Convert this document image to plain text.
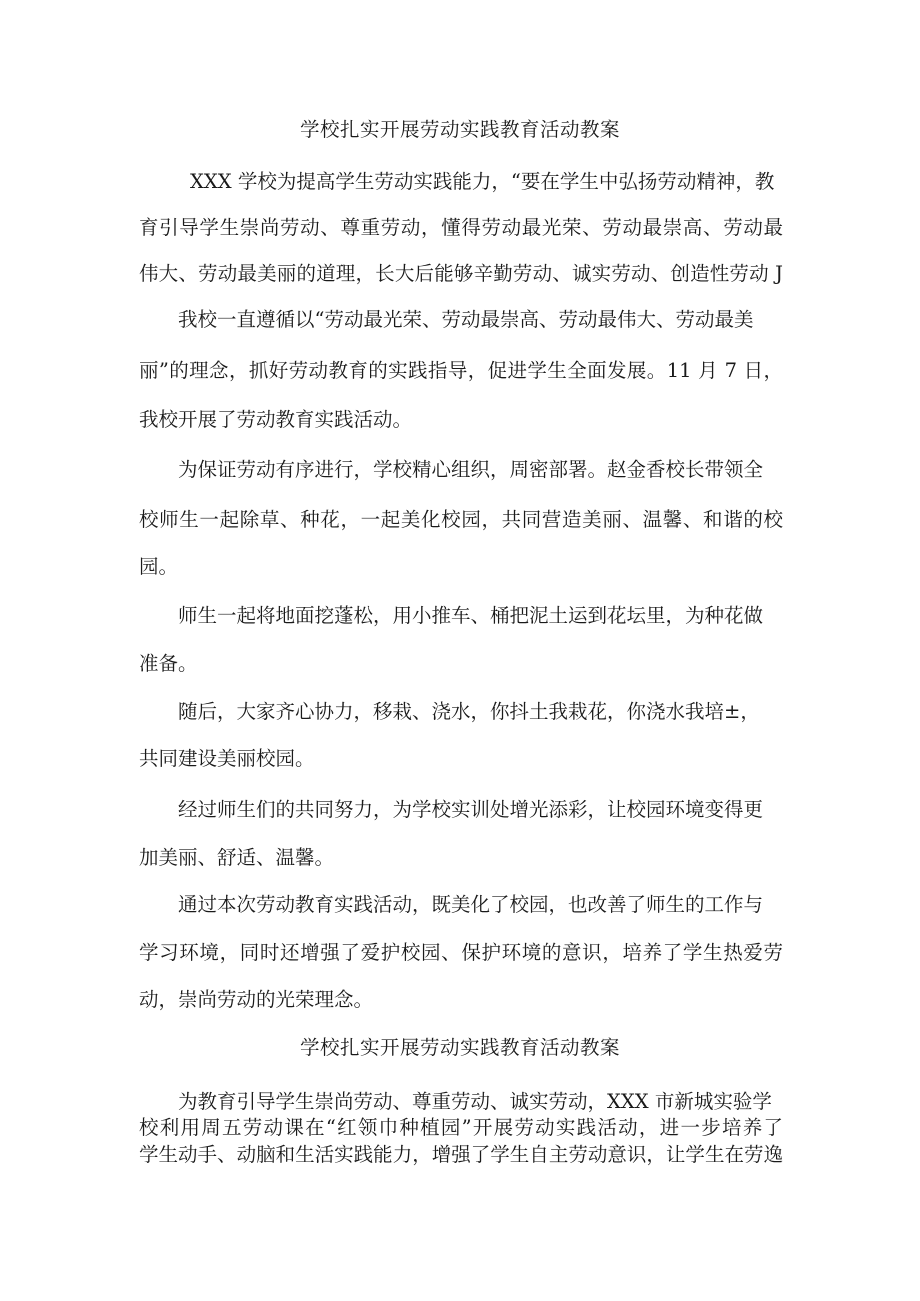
学校扎实开展劳动实践教育活动教案
XXX 学校为提高学生劳动实践能力，“要在学生中弘扬劳动精神，教
育引导学生崇尚劳动、尊重劳动，懂得劳动最光荣、劳动最崇高、劳动最
伟大、劳动最美丽的道理，长大后能够辛勤劳动、诚实劳动、创造性劳动 J
我校一直遵循以“劳动最光荣、劳动最崇高、劳动最伟大、劳动最美
丽”的理念，抓好劳动教育的实践指导，促进学生全面发展。11 月 7 日，
我校开展了劳动教育实践活动。
为保证劳动有序进行，学校精心组织，周密部署。赵金香校长带领全
校师生一起除草、种花，一起美化校园，共同营造美丽、温馨、和谐的校
园。
师生一起将地面挖蓬松，用小推车、桶把泥土运到花坛里，为种花做
准备。
随后，大家齐心协力，移栽、浇水，你抖土我栽花，你浇水我培±，
共同建设美丽校园。
经过师生们的共同努力，为学校实训处增光添彩，让校园环境变得更
加美丽、舒适、温馨。
通过本次劳动教育实践活动，既美化了校园，也改善了师生的工作与
学习环境，同时还增强了爱护校园、保护环境的意识，培养了学生热爱劳
动，崇尚劳动的光荣理念。
学校扎实开展劳动实践教育活动教案
为教育引导学生崇尚劳动、尊重劳动、诚实劳动，XXX 市新城实验学
校利用周五劳动课在“红领巾种植园”开展劳动实践活动，进一步培养了
学生动手、动脑和生活实践能力，增强了学生自主劳动意识，让学生在劳逸
